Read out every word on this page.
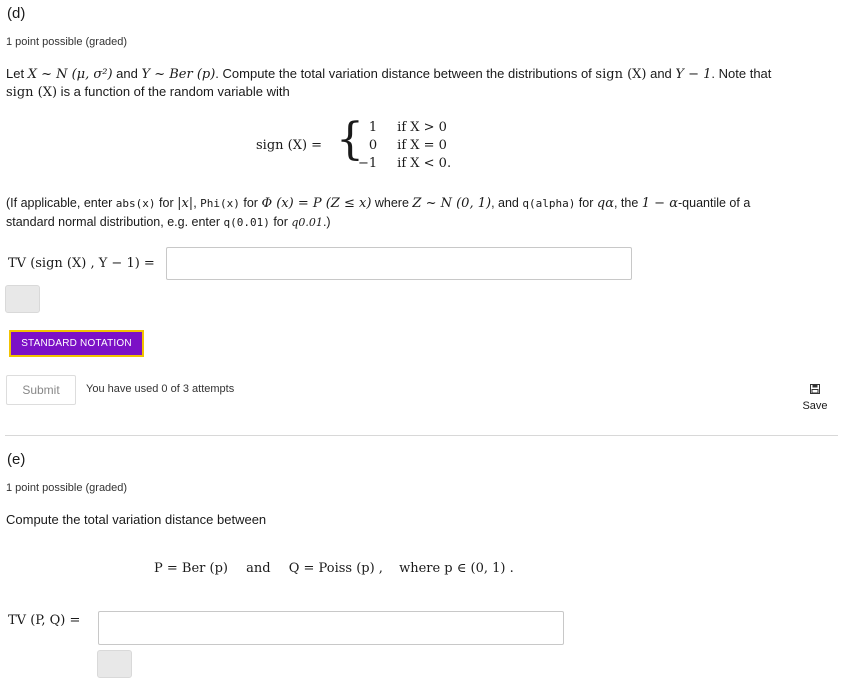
(d)
1 point possible (graded)
Let X ~ N (μ, σ²) and Y ~ Ber (p). Compute the total variation distance between the distributions of sign (X) and Y − 1. Note that
sign (X) is a function of the random variable with
sign (X) = { 1	if X > 0
0	if X = 0
−1	if X < 0.
(If applicable, enter abs(x) for |x|, Phi(x) for Φ (x) = P (Z ≤ x) where Z ~ N (0, 1), and q(alpha) for qα, the 1 − α-quantile of a
standard normal distribution, e.g. enter q(0.01) for q0.01.)
TV (sign (X) , Y − 1) =
STANDARD NOTATION
Submit	You have used 0 of 3 attempts
Save
(e)
1 point possible (graded)
Compute the total variation distance between
P = Ber (p) and Q = Poiss (p) , where p ∈ (0, 1) .
TV (P, Q) =
